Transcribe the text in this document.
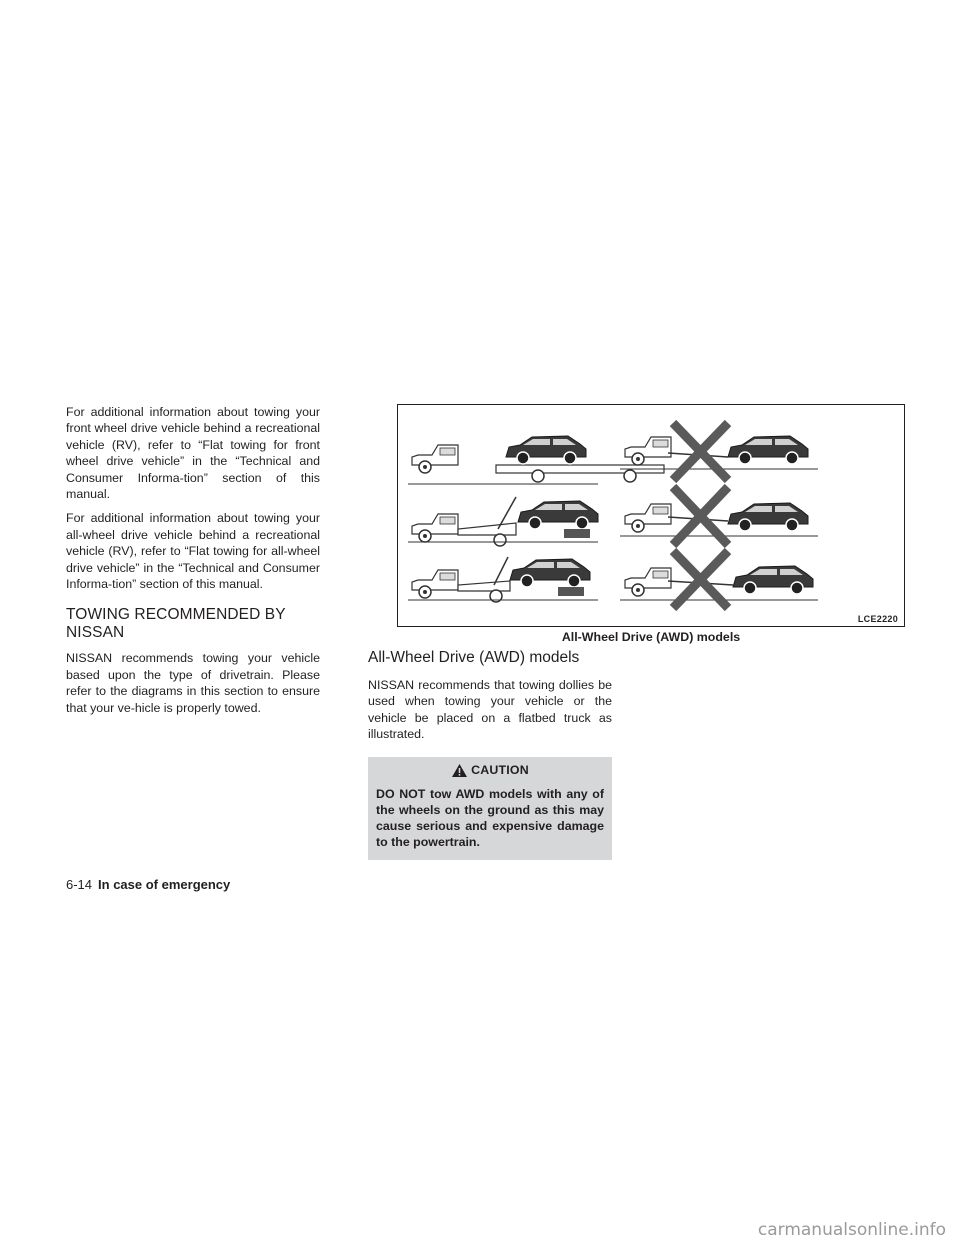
For additional information about towing your front wheel drive vehicle behind a recreational vehicle (RV), refer to “Flat towing for front wheel drive vehicle” in the “Technical and Consumer Informa-tion” section of this manual.

For additional information about towing your all-wheel drive vehicle behind a recreational vehicle (RV), refer to “Flat towing for all-wheel drive vehicle” in the “Technical and Consumer Informa-tion” section of this manual.

TOWING RECOMMENDED BY NISSAN

NISSAN recommends towing your vehicle based upon the type of drivetrain. Please refer to the diagrams in this section to ensure that your ve-hicle is properly towed.

LCE2220
All-Wheel Drive (AWD) models
All-Wheel Drive (AWD) models

NISSAN recommends that towing dollies be used when towing your vehicle or the vehicle be placed on a flatbed truck as illustrated.

CAUTION
DO NOT tow AWD models with any of the wheels on the ground as this may cause serious and expensive damage to the powertrain.
6-14 In case of emergency
carmanualsonline.info
